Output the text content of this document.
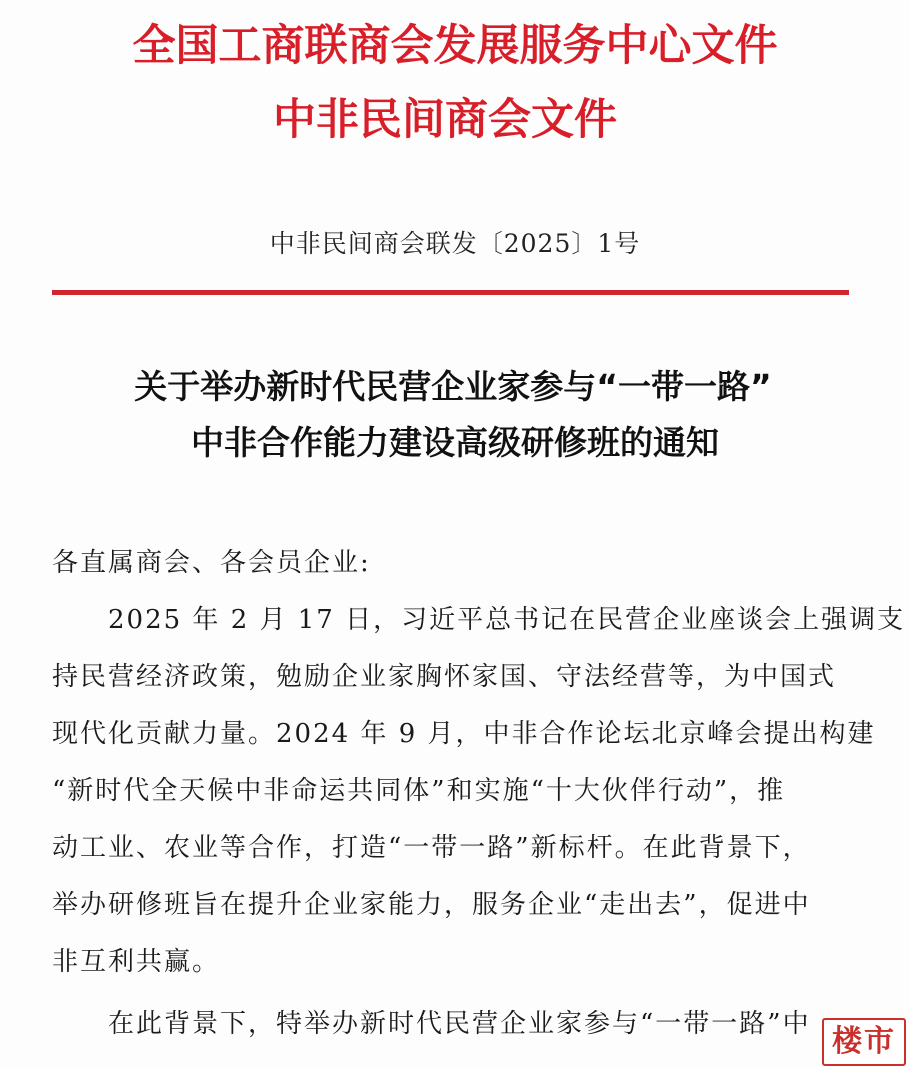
全国工商联商会发展服务中心文件
中非民间商会文件
中非民间商会联发〔2025〕1号
关于举办新时代民营企业家参与“一带一路”
中非合作能力建设高级研修班的通知
各直属商会、各会员企业:
2025 年 2 月 17 日，习近平总书记在民营企业座谈会上强调支
持民营经济政策，勉励企业家胸怀家国、守法经营等，为中国式
现代化贡献力量。2024 年 9 月，中非合作论坛北京峰会提出构建
“新时代全天候中非命运共同体”和实施“十大伙伴行动”，推
动工业、农业等合作，打造“一带一路”新标杆。在此背景下，
举办研修班旨在提升企业家能力，服务企业“走出去”，促进中
非互利共赢。
在此背景下，特举办新时代民营企业家参与“一带一路”中 楼市
